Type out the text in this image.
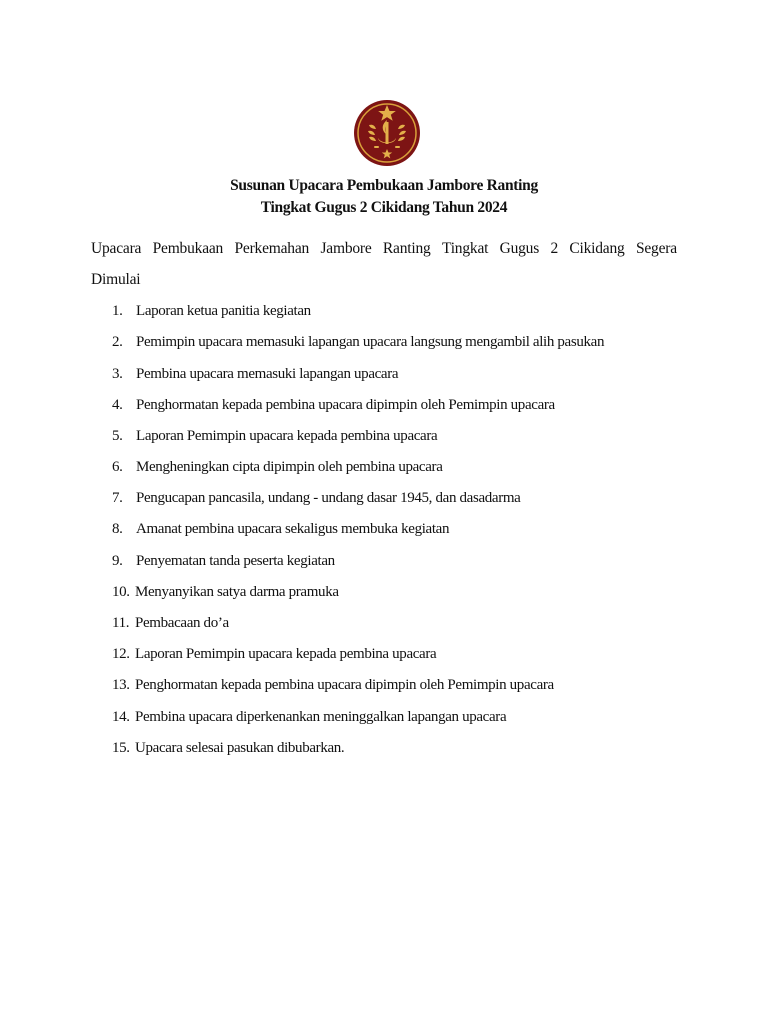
Susunan Upacara Pembukaan Jambore Ranting
Tingkat Gugus 2 Cikidang Tahun 2024
Upacara Pembukaan Perkemahan Jambore Ranting Tingkat Gugus 2 Cikidang Segera
Dimulai
1. Laporan ketua panitia kegiatan
2. Pemimpin upacara memasuki lapangan upacara langsung mengambil alih pasukan
3. Pembina upacara memasuki lapangan upacara
4. Penghormatan kepada pembina upacara dipimpin oleh Pemimpin upacara
5. Laporan Pemimpin upacara kepada pembina upacara
6. Mengheningkan cipta dipimpin oleh pembina upacara
7. Pengucapan pancasila, undang - undang dasar 1945, dan dasadarma
8. Amanat pembina upacara sekaligus membuka kegiatan
9. Penyematan tanda peserta kegiatan
10. Menyanyikan satya darma pramuka
11. Pembacaan do’a
12. Laporan Pemimpin upacara kepada pembina upacara
13. Penghormatan kepada pembina upacara dipimpin oleh Pemimpin upacara
14. Pembina upacara diperkenankan meninggalkan lapangan upacara
15. Upacara selesai pasukan dibubarkan.
